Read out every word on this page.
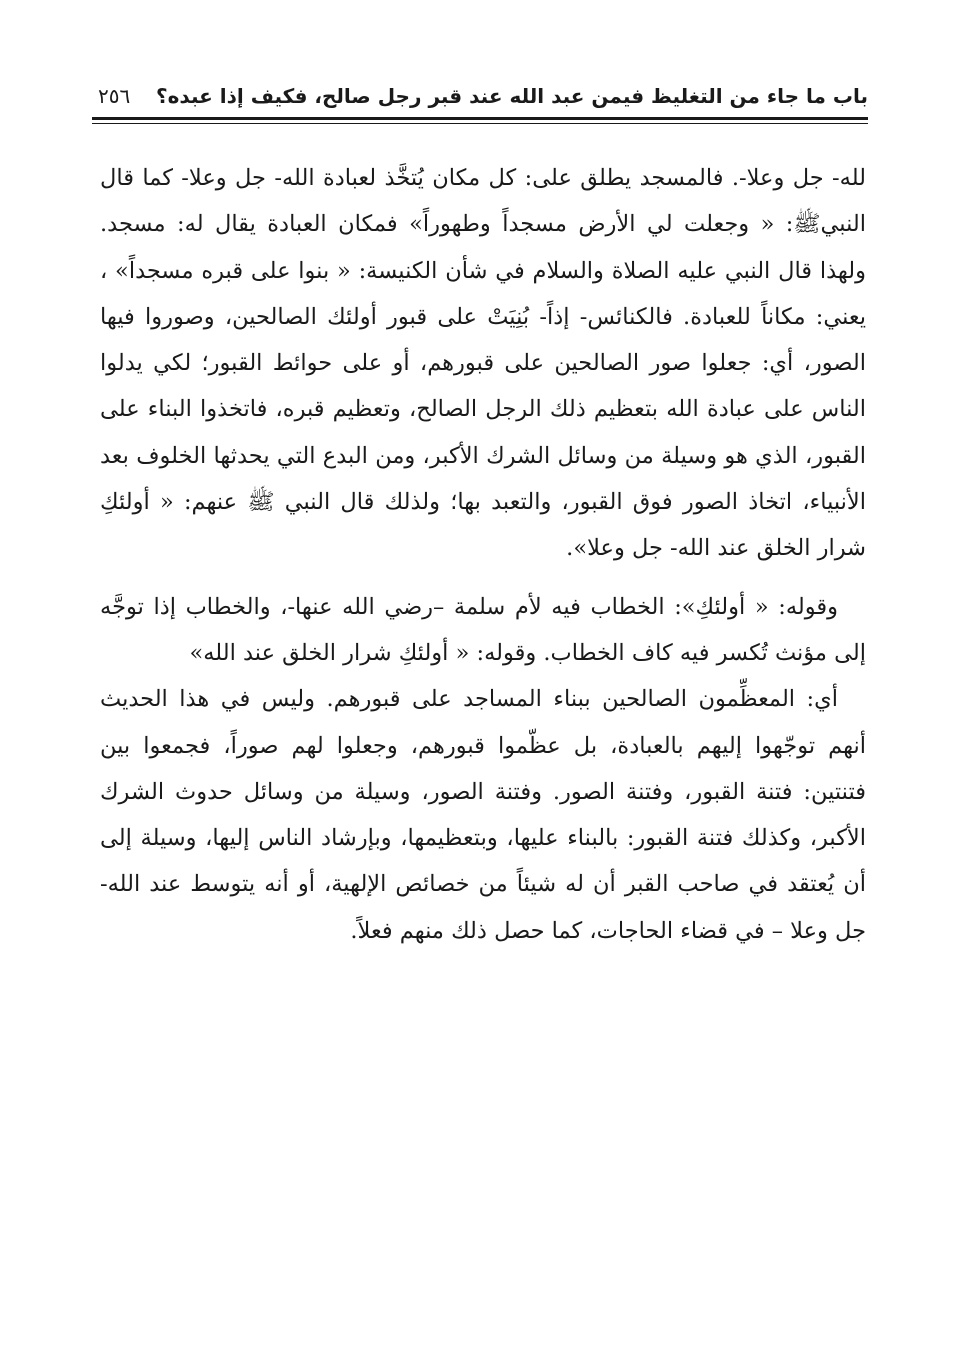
باب ما جاء من التغليظ فيمن عبد الله عند قبر رجل صالح، فكيف إذا عبده؟
٢٥٦

لله- جل وعلا-. فالمسجد يطلق على: كل مكان يُتخَّذ لعبادة الله- جل وعلا- كما قال النبيﷺ: « وجعلت لي الأرض مسجداً وطهوراً» فمكان العبادة يقال له: مسجد. ولهذا قال النبي عليه الصلاة والسلام في شأن الكنيسة: « بنوا على قبره مسجداً» ، يعني: مكاناً للعبادة. فالكنائس- إذاً- بُنِيَتْ على قبور أولئك الصالحين، وصوروا فيها الصور، أي: جعلوا صور الصالحين على قبورهم، أو على حوائط القبور؛ لكي يدلوا الناس على عبادة الله بتعظيم ذلك الرجل الصالح، وتعظيم قبره، فاتخذوا البناء على القبور، الذي هو وسيلة من وسائل الشرك الأكبر، ومن البدع التي يحدثها الخلوف بعد الأنبياء، اتخاذ الصور فوق القبور، والتعبد بها؛ ولذلك قال النبي ﷺ عنهم: « أولئكِ شرار الخلق عند الله- جل وعلا».

وقوله: « أولئكِ»: الخطاب فيه لأم سلمة –رضي الله عنها-، والخطاب إذا توجَّه إلى مؤنث تُكسر فيه كاف الخطاب. وقوله: « أولئكِ شرار الخلق عند الله»

أي: المعظِّمون الصالحين ببناء المساجد على قبورهم. وليس في هذا الحديث أنهم توجّهوا إليهم بالعبادة، بل عظّموا قبورهم، وجعلوا لهم صوراً، فجمعوا بين فتنتين: فتنة القبور، وفتنة الصور. وفتنة الصور، وسيلة من وسائل حدوث الشرك الأكبر، وكذلك فتنة القبور: بالبناء عليها، وبتعظيمها، وبإرشاد الناس إليها، وسيلة إلى أن يُعتقد في صاحب القبر أن له شيئاً من خصائص الإلهية، أو أنه يتوسط عند الله- جل وعلا – في قضاء الحاجات، كما حصل ذلك منهم فعلاً.
